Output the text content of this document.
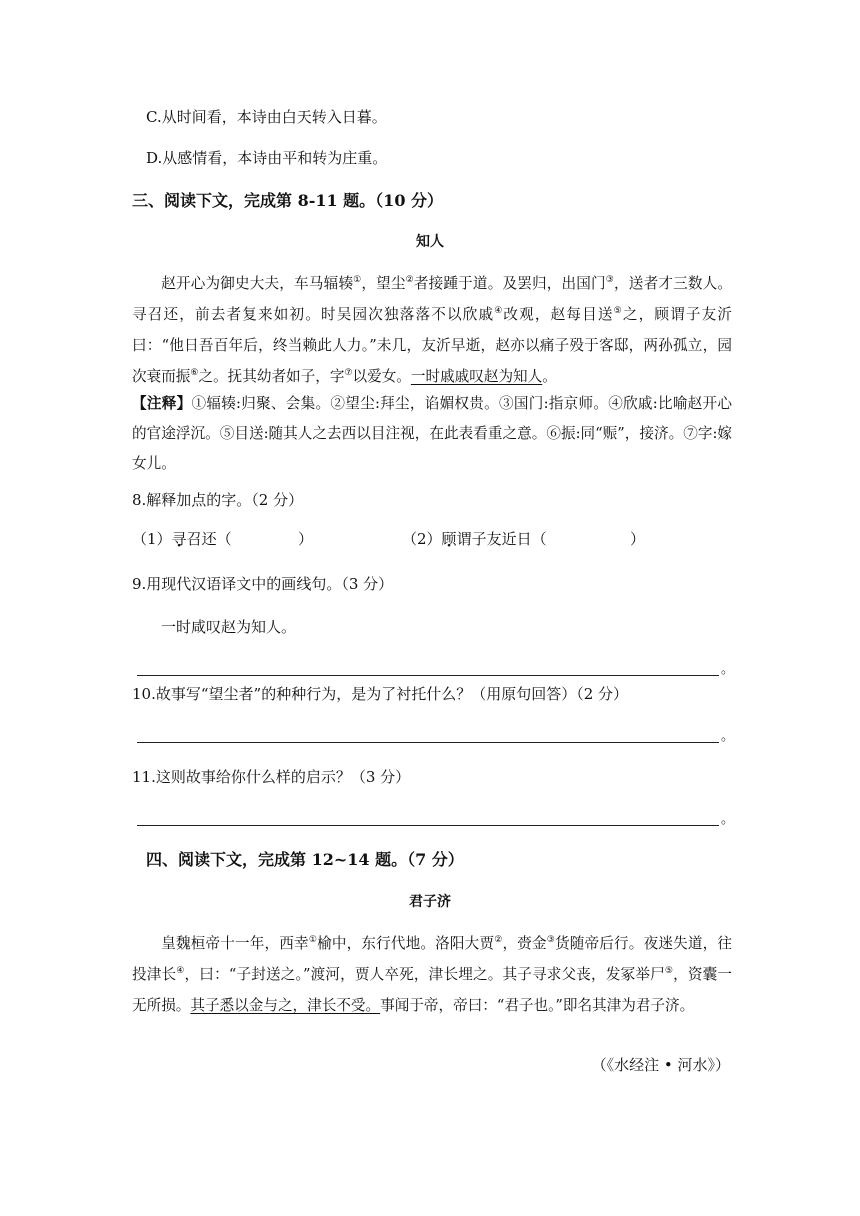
C.从时间看，本诗由白天转入日暮。
D.从感情看，本诗由平和转为庄重。
三、阅读下文，完成第 8-11 题。（10 分）
知人
赵开心为御史大夫，车马辐辏①，望尘②者接踵于道。及罢归，出国门③，送者才三数人。寻召还，前去者复来如初。时吴园次独落落不以欣戚④改观，赵每目送⑤之，顾谓子友沂曰：“他日吾百年后，终当赖此人力。”未几，友沂早逝，赵亦以痛子殁于客邸，两孙孤立，园次衰而振⑥之。抚其幼者如子，字⑦以爱女。一时戚戚叹赵为知人。
【注释】①辐辏:归聚、会集。②望尘:拜尘，谄媚权贵。③国门:指京师。④欣戚:比喻赵开心的官途浮沉。⑤目送:随其人之去西以目注视，在此表看重之意。⑥振:同“赈”，接济。⑦字:嫁女儿。
8.解释加点的字。（2 分）
（1）寻召还（	）	（2）顾谓子友近日（	）
9.用现代汉语译文中的画线句。（3 分）
一时咸叹赵为知人。
。
10.故事写“望尘者”的种种行为，是为了衬托什么？（用原句回答）（2 分）
。
11.这则故事给你什么样的启示？（3 分）
。
四、阅读下文，完成第 12~14 题。（7 分）
君子济
皇魏桓帝十一年，西幸①榆中，东行代地。洛阳大贾②，赍金③货随帝后行。夜迷失道，往投津长④，曰：“子封送之。”渡河，贾人卒死，津长埋之。其子寻求父丧，发冢举尸⑤，资囊一无所损。其子悉以金与之，津长不受。事闻于帝，帝曰：“君子也。”即名其津为君子济。
（《水经注 • 河水》）
